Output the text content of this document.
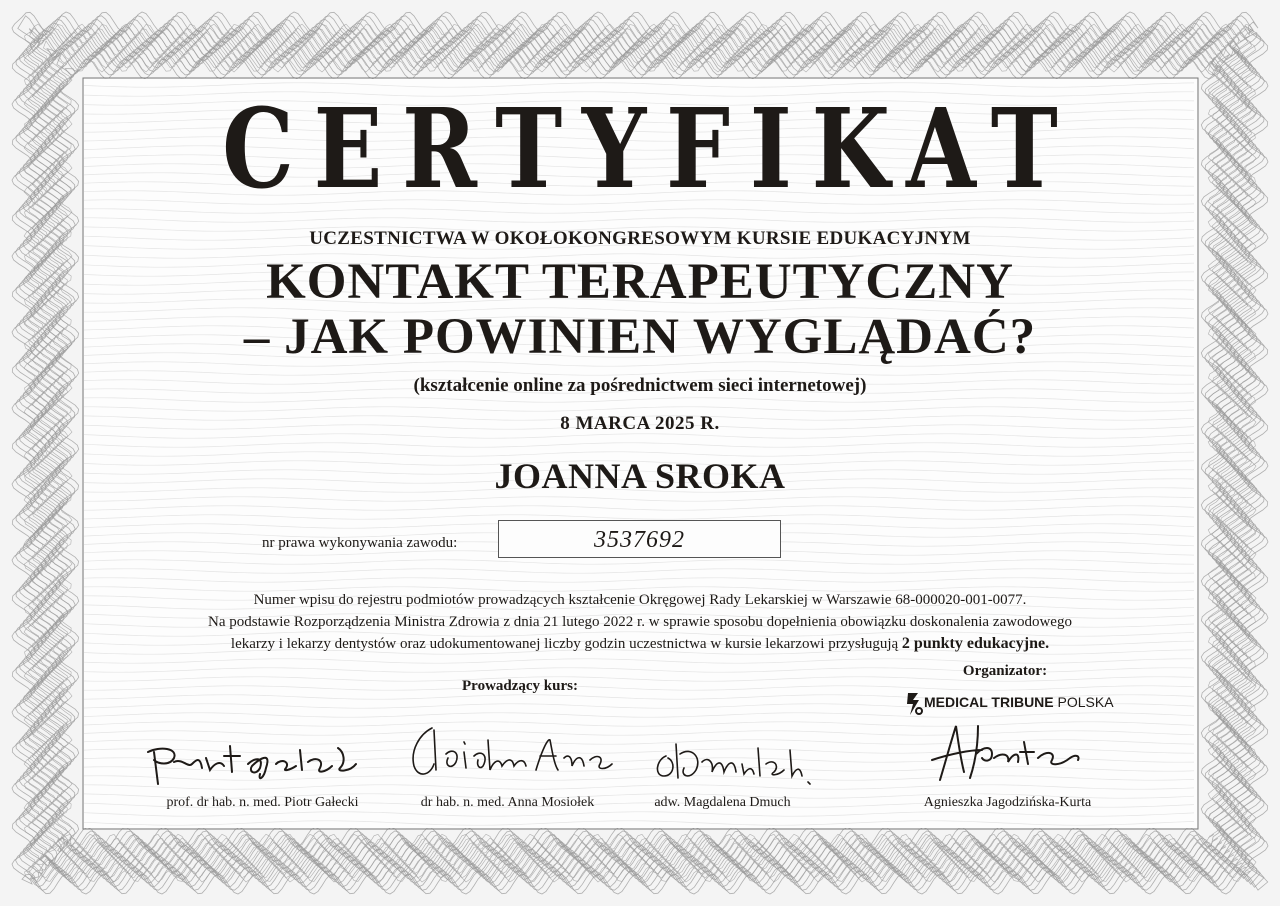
CERTYFIKAT
UCZESTNICTWA W OKOŁOKONGRESOWYM KURSIE EDUKACYJNYM
KONTAKT TERAPEUTYCZNY
– JAK POWINIEN WYGLĄDAĆ?
(kształcenie online za pośrednictwem sieci internetowej)
8 MARCA 2025 R.
JOANNA SROKA
nr prawa wykonywania zawodu:	3537692
Numer wpisu do rejestru podmiotów prowadzących kształcenie Okręgowej Rady Lekarskiej w Warszawie 68-000020-001-0077.
Na podstawie Rozporządzenia Ministra Zdrowia z dnia 21 lutego 2022 r. w sprawie sposobu dopełnienia obowiązku doskonalenia zawodowego
lekarzy i lekarzy dentystów oraz udokumentowanej liczby godzin uczestnictwa w kursie lekarzowi przysługują 2 punkty edukacyjne.
Organizator:
Prowadzący kurs:
MEDICAL TRIBUNE POLSKA
prof. dr hab. n. med. Piotr Gałecki	dr hab. n. med. Anna Mosiołek	adw. Magdalena Dmuch	Agnieszka Jagodzińska-Kurta
